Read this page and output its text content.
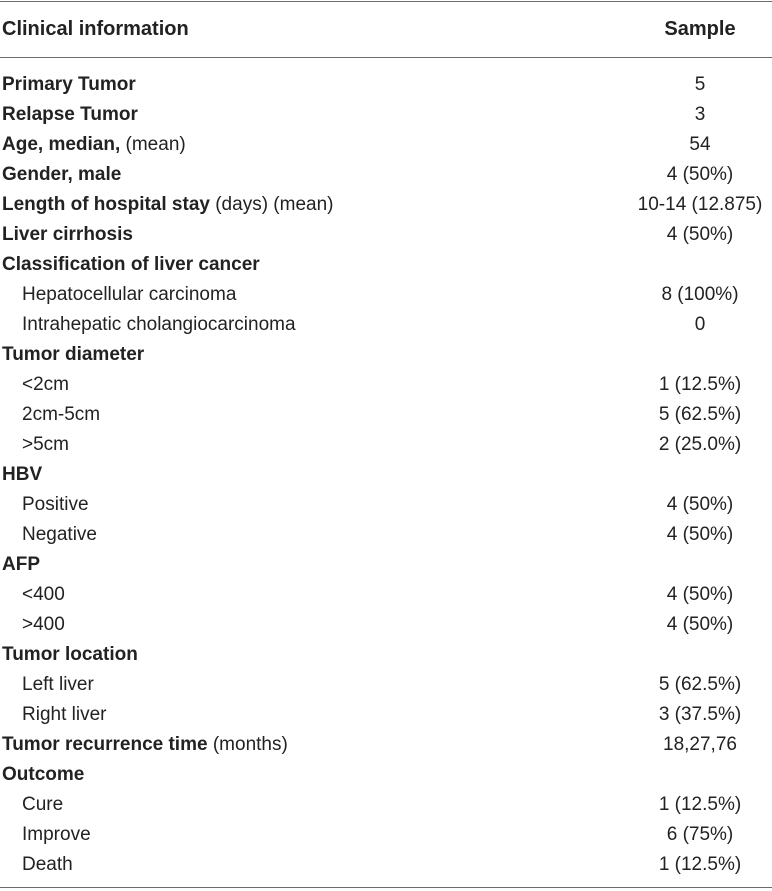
Clinical information	Sample
Primary Tumor	5
Relapse Tumor	3
Age, median, (mean)	54
Gender, male	4 (50%)
Length of hospital stay (days) (mean)	10-14 (12.875)
Liver cirrhosis	4 (50%)
Classification of liver cancer
Hepatocellular carcinoma	8 (100%)
Intrahepatic cholangiocarcinoma	0
Tumor diameter
<2cm	1 (12.5%)
2cm-5cm	5 (62.5%)
>5cm	2 (25.0%)
HBV
Positive	4 (50%)
Negative	4 (50%)
AFP
<400	4 (50%)
>400	4 (50%)
Tumor location
Left liver	5 (62.5%)
Right liver	3 (37.5%)
Tumor recurrence time (months)	18,27,76
Outcome
Cure	1 (12.5%)
Improve	6 (75%)
Death	1 (12.5%)
